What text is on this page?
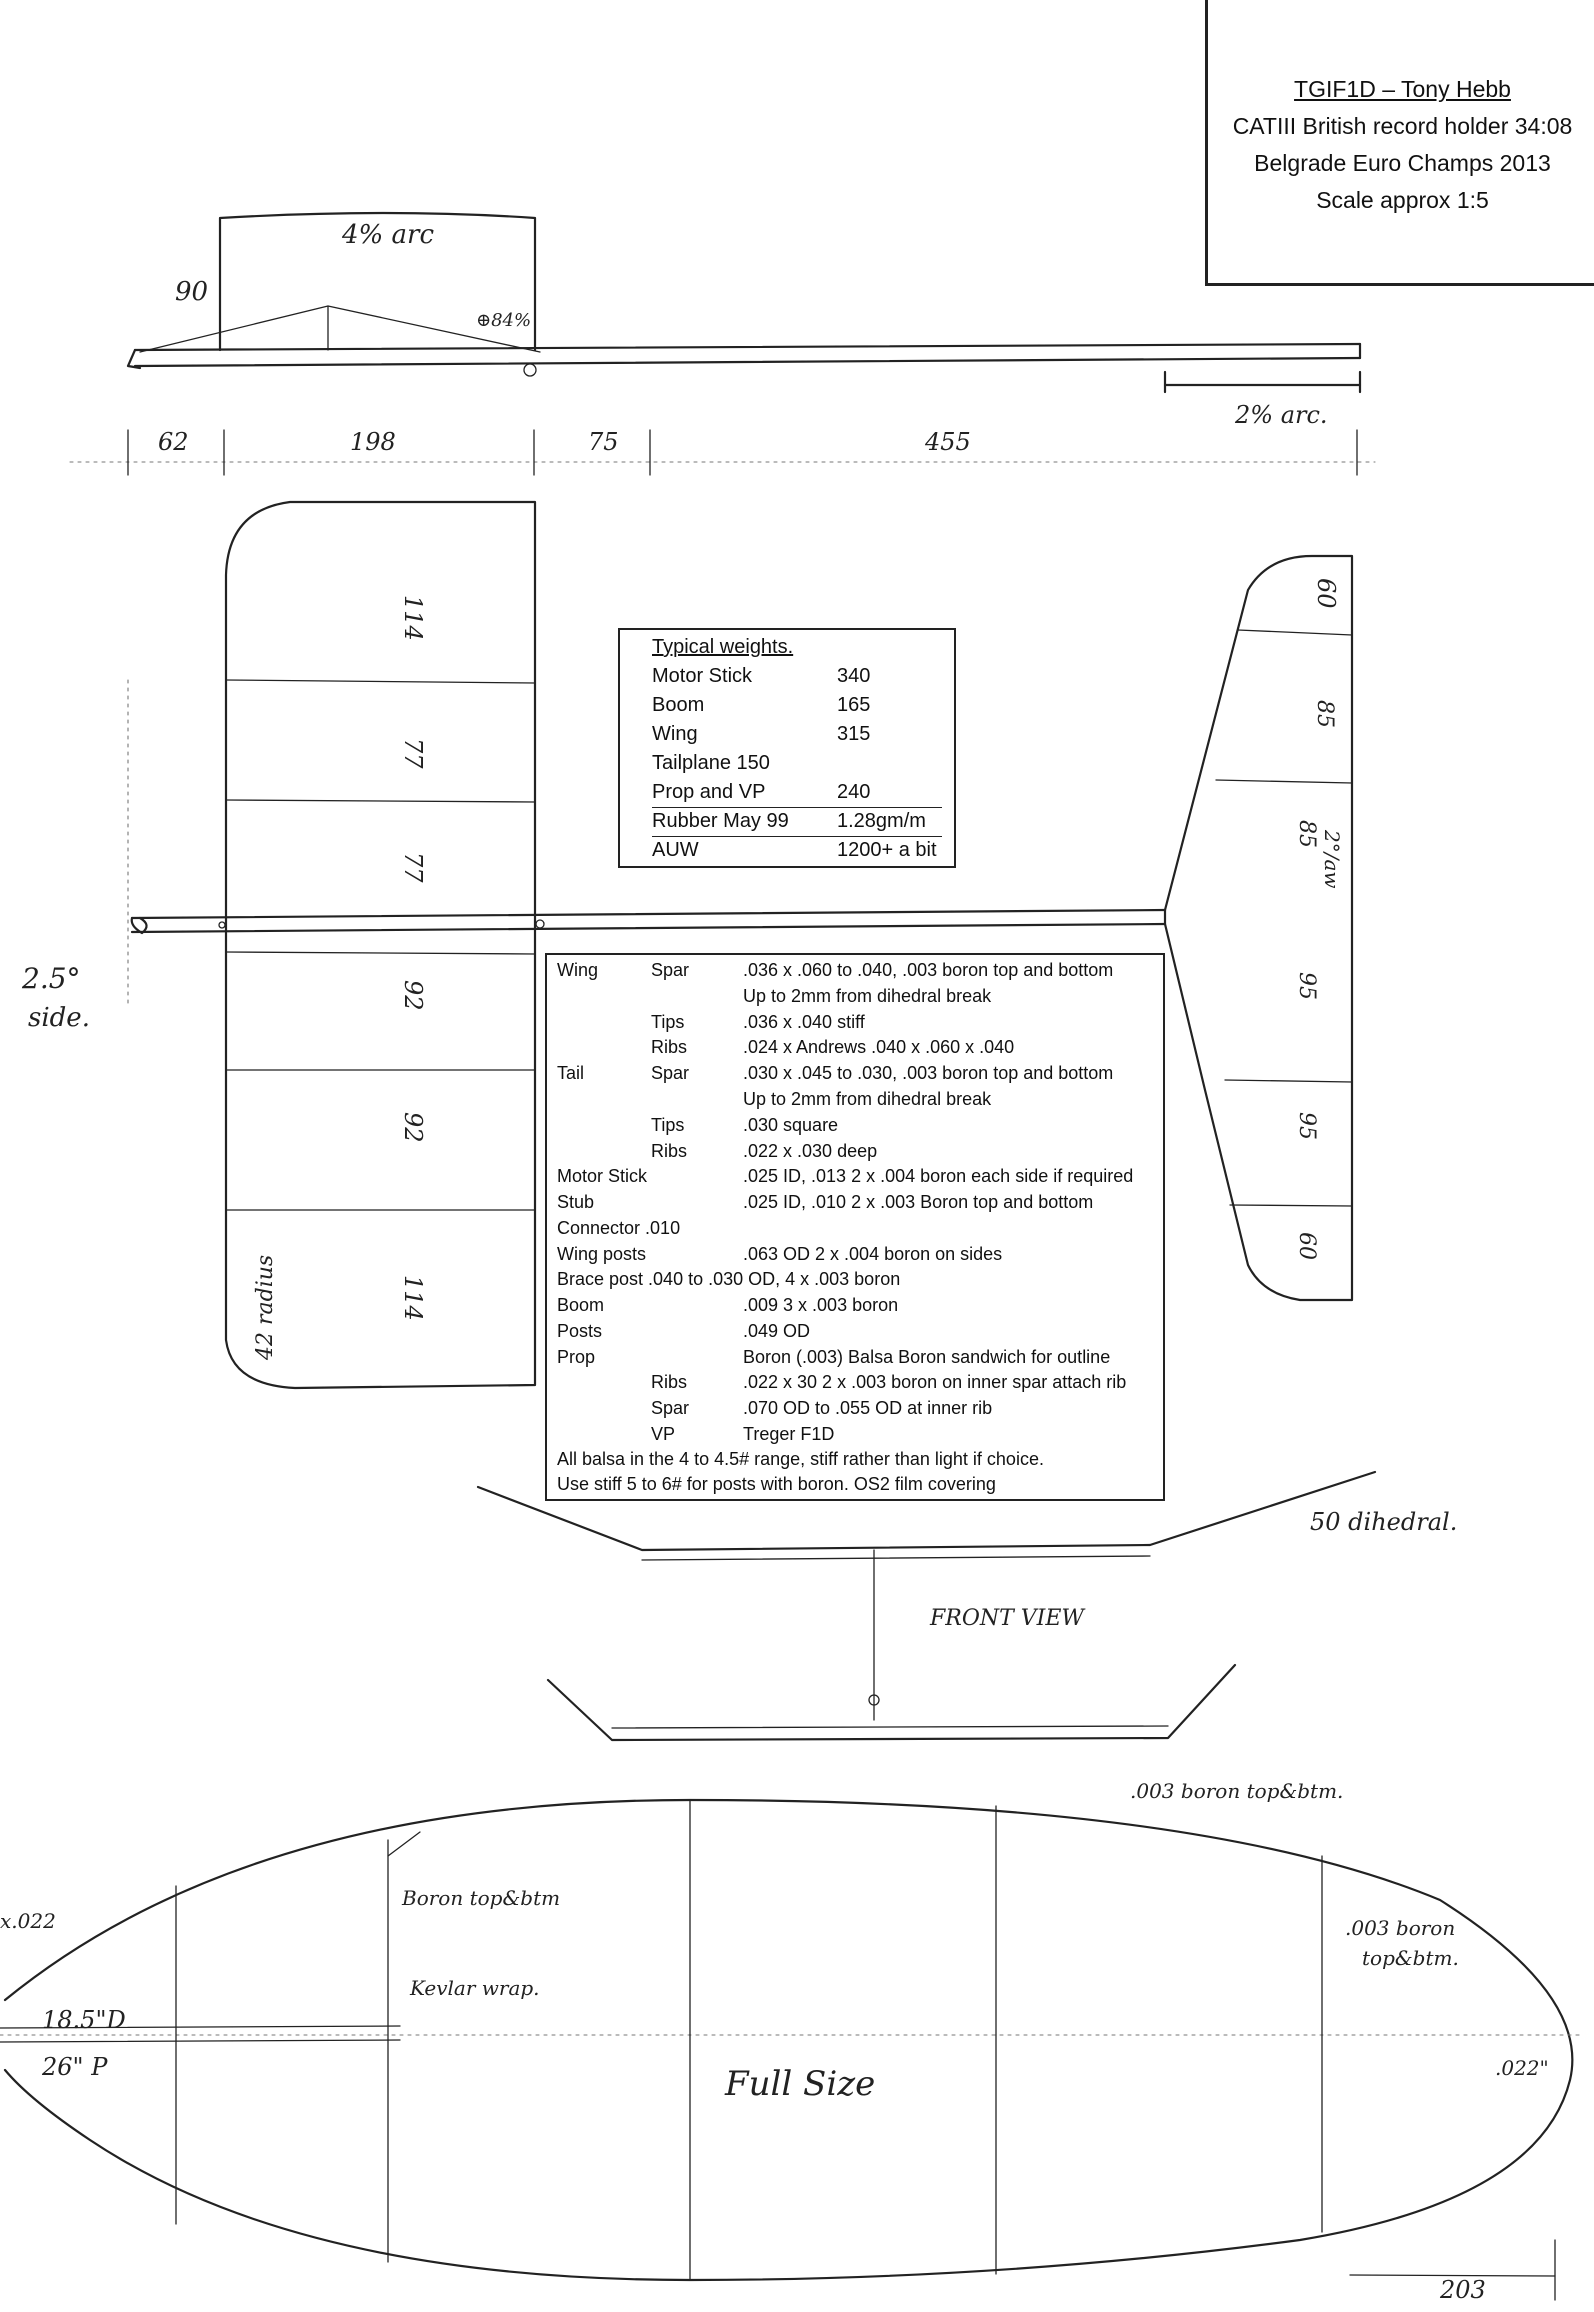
4% arc
90
⊕84%
2% arc.
62	198	75	455
114
77
77
92
92
114
42 radius
2.5°
side.
60
85
85 2°/aw
95
95
60
50 dihedral.
FRONT VIEW
.003 boron top&btm.
Boron top&btm
Kevlar wrap.
.003 boron
top&btm.
18.5"D
26" P
x.022
.022"
Full Size
203
TGIF1D – Tony Hebb
CATIII British record holder 34:08
Belgrade Euro Champs 2013
Scale approx 1:5
Typical weights.
Motor Stick	340
Boom	165
Wing	315
Tailplane 150
Prop and VP	240
Rubber May 99 1.28gm/m
AUW	1200+ a bit
Wing	Spar	.036 x .060 to .040, .003 boron top and bottom
Up to 2mm from dihedral break
Tips	.036 x .040 stiff
Ribs	.024 x Andrews .040 x .060 x .040
Tail	Spar	.030 x .045 to .030, .003 boron top and bottom
Up to 2mm from dihedral break
Tips	.030 square
Ribs	.022 x .030 deep
Motor Stick	.025 ID, .013 2 x .004 boron each side if required
Stub	.025 ID, .010 2 x .003 Boron top and bottom
Connector .010
Wing posts	.063 OD 2 x .004 boron on sides
Brace post .040 to .030 OD, 4 x .003 boron
Boom	.009 3 x .003 boron
Posts	.049 OD
Prop	Boron (.003) Balsa Boron sandwich for outline
Ribs	.022 x 30 2 x .003 boron on inner spar attach rib
Spar	.070 OD to .055 OD at inner rib
VP	Treger F1D
All balsa in the 4 to 4.5# range, stiff rather than light if choice.
Use stiff 5 to 6# for posts with boron. OS2 film covering
